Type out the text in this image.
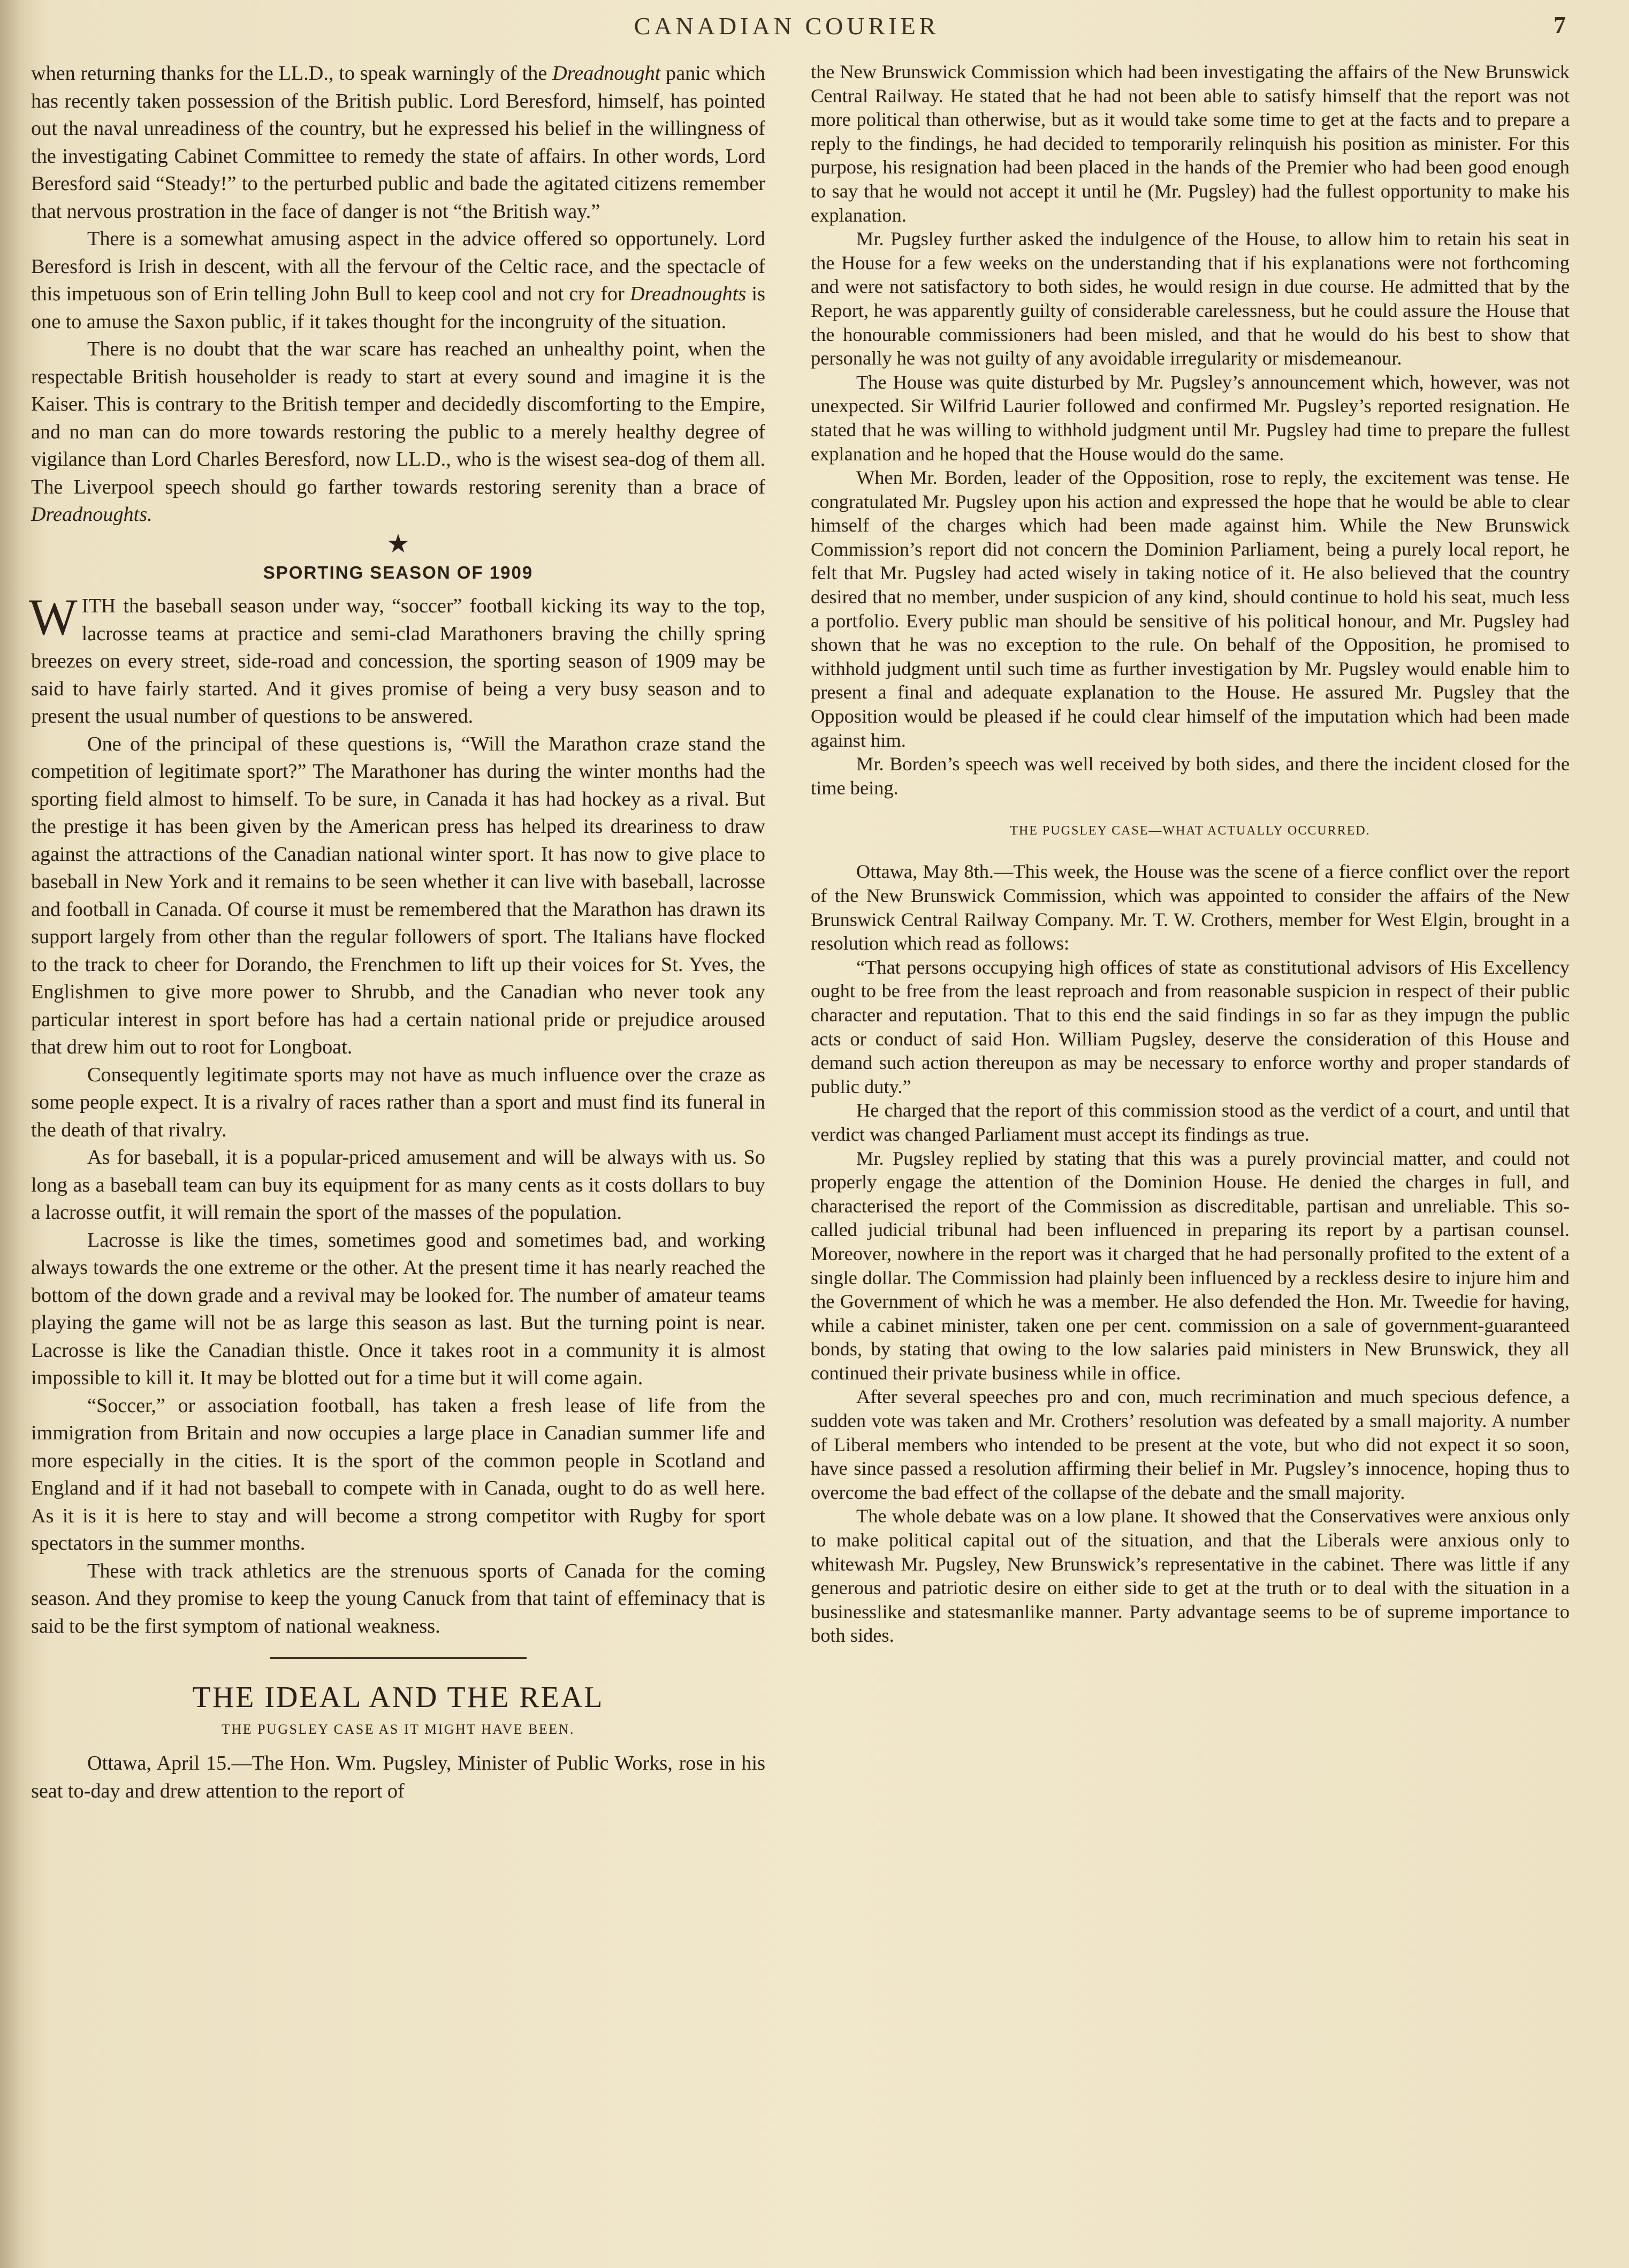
CANADIAN COURIER	7

when returning thanks for the LL.D., to speak warningly of the Dreadnought panic which has recently taken possession of the British public. Lord Beresford, himself, has pointed out the naval unreadiness of the country, but he expressed his belief in the willingness of the investigating Cabinet Committee to remedy the state of affairs. In other words, Lord Beresford said “Steady!” to the perturbed public and bade the agitated citizens remember that nervous prostration in the face of danger is not “the British way.”

There is a somewhat amusing aspect in the advice offered so opportunely. Lord Beresford is Irish in descent, with all the fervour of the Celtic race, and the spectacle of this impetuous son of Erin telling John Bull to keep cool and not cry for Dreadnoughts is one to amuse the Saxon public, if it takes thought for the incongruity of the situation.

There is no doubt that the war scare has reached an unhealthy point, when the respectable British householder is ready to start at every sound and imagine it is the Kaiser. This is contrary to the British temper and decidedly discomforting to the Empire, and no man can do more towards restoring the public to a merely healthy degree of vigilance than Lord Charles Beresford, now LL.D., who is the wisest sea-dog of them all. The Liverpool speech should go farther towards restoring serenity than a brace of Dreadnoughts.

★
SPORTING SEASON OF 1909

WITH the baseball season under way, “soccer” football kicking its way to the top, lacrosse teams at practice and semi-clad Marathoners braving the chilly spring breezes on every street, side-road and concession, the sporting season of 1909 may be said to have fairly started. And it gives promise of being a very busy season and to present the usual number of questions to be answered.

One of the principal of these questions is, “Will the Marathon craze stand the competition of legitimate sport?” The Marathoner has during the winter months had the sporting field almost to himself. To be sure, in Canada it has had hockey as a rival. But the prestige it has been given by the American press has helped its dreariness to draw against the attractions of the Canadian national winter sport. It has now to give place to baseball in New York and it remains to be seen whether it can live with baseball, lacrosse and football in Canada. Of course it must be remembered that the Marathon has drawn its support largely from other than the regular followers of sport. The Italians have flocked to the track to cheer for Dorando, the Frenchmen to lift up their voices for St. Yves, the Englishmen to give more power to Shrubb, and the Canadian who never took any particular interest in sport before has had a certain national pride or prejudice aroused that drew him out to root for Longboat.

Consequently legitimate sports may not have as much influence over the craze as some people expect. It is a rivalry of races rather than a sport and must find its funeral in the death of that rivalry.

As for baseball, it is a popular-priced amusement and will be always with us. So long as a baseball team can buy its equipment for as many cents as it costs dollars to buy a lacrosse outfit, it will remain the sport of the masses of the population.

Lacrosse is like the times, sometimes good and sometimes bad, and working always towards the one extreme or the other. At the present time it has nearly reached the bottom of the down grade and a revival may be looked for. The number of amateur teams playing the game will not be as large this season as last. But the turning point is near. Lacrosse is like the Canadian thistle. Once it takes root in a community it is almost impossible to kill it. It may be blotted out for a time but it will come again.

“Soccer,” or association football, has taken a fresh lease of life from the immigration from Britain and now occupies a large place in Canadian summer life and more especially in the cities. It is the sport of the common people in Scotland and England and if it had not baseball to compete with in Canada, ought to do as well here. As it is it is here to stay and will become a strong competitor with Rugby for sport spectators in the summer months.

These with track athletics are the strenuous sports of Canada for the coming season. And they promise to keep the young Canuck from that taint of effeminacy that is said to be the first symptom of national weakness.

THE IDEAL AND THE REAL
THE PUGSLEY CASE AS IT MIGHT HAVE BEEN.

Ottawa, April 15.—The Hon. Wm. Pugsley, Minister of Public Works, rose in his seat to-day and drew attention to the report of

the New Brunswick Commission which had been investigating the affairs of the New Brunswick Central Railway. He stated that he had not been able to satisfy himself that the report was not more political than otherwise, but as it would take some time to get at the facts and to prepare a reply to the findings, he had decided to temporarily relinquish his position as minister. For this purpose, his resignation had been placed in the hands of the Premier who had been good enough to say that he would not accept it until he (Mr. Pugsley) had the fullest opportunity to make his explanation.

Mr. Pugsley further asked the indulgence of the House, to allow him to retain his seat in the House for a few weeks on the understanding that if his explanations were not forthcoming and were not satisfactory to both sides, he would resign in due course. He admitted that by the Report, he was apparently guilty of considerable carelessness, but he could assure the House that the honourable commissioners had been misled, and that he would do his best to show that personally he was not guilty of any avoidable irregularity or misdemeanour.

The House was quite disturbed by Mr. Pugsley’s announcement which, however, was not unexpected. Sir Wilfrid Laurier followed and confirmed Mr. Pugsley’s reported resignation. He stated that he was willing to withhold judgment until Mr. Pugsley had time to prepare the fullest explanation and he hoped that the House would do the same.

When Mr. Borden, leader of the Opposition, rose to reply, the excitement was tense. He congratulated Mr. Pugsley upon his action and expressed the hope that he would be able to clear himself of the charges which had been made against him. While the New Brunswick Commission’s report did not concern the Dominion Parliament, being a purely local report, he felt that Mr. Pugsley had acted wisely in taking notice of it. He also believed that the country desired that no member, under suspicion of any kind, should continue to hold his seat, much less a portfolio. Every public man should be sensitive of his political honour, and Mr. Pugsley had shown that he was no exception to the rule. On behalf of the Opposition, he promised to withhold judgment until such time as further investigation by Mr. Pugsley would enable him to present a final and adequate explanation to the House. He assured Mr. Pugsley that the Opposition would be pleased if he could clear himself of the imputation which had been made against him.

Mr. Borden’s speech was well received by both sides, and there the incident closed for the time being.

THE PUGSLEY CASE—WHAT ACTUALLY OCCURRED.

Ottawa, May 8th.—This week, the House was the scene of a fierce conflict over the report of the New Brunswick Commission, which was appointed to consider the affairs of the New Brunswick Central Railway Company. Mr. T. W. Crothers, member for West Elgin, brought in a resolution which read as follows:

“That persons occupying high offices of state as constitutional advisors of His Excellency ought to be free from the least reproach and from reasonable suspicion in respect of their public character and reputation. That to this end the said findings in so far as they impugn the public acts or conduct of said Hon. William Pugsley, deserve the consideration of this House and demand such action thereupon as may be necessary to enforce worthy and proper standards of public duty.”

He charged that the report of this commission stood as the verdict of a court, and until that verdict was changed Parliament must accept its findings as true.

Mr. Pugsley replied by stating that this was a purely provincial matter, and could not properly engage the attention of the Dominion House. He denied the charges in full, and characterised the report of the Commission as discreditable, partisan and unreliable. This so-called judicial tribunal had been influenced in preparing its report by a partisan counsel. Moreover, nowhere in the report was it charged that he had personally profited to the extent of a single dollar. The Commission had plainly been influenced by a reckless desire to injure him and the Government of which he was a member. He also defended the Hon. Mr. Tweedie for having, while a cabinet minister, taken one per cent. commission on a sale of government-guaranteed bonds, by stating that owing to the low salaries paid ministers in New Brunswick, they all continued their private business while in office.

After several speeches pro and con, much recrimination and much specious defence, a sudden vote was taken and Mr. Crothers’ resolution was defeated by a small majority. A number of Liberal members who intended to be present at the vote, but who did not expect it so soon, have since passed a resolution affirming their belief in Mr. Pugsley’s innocence, hoping thus to overcome the bad effect of the collapse of the debate and the small majority.

The whole debate was on a low plane. It showed that the Conservatives were anxious only to make political capital out of the situation, and that the Liberals were anxious only to whitewash Mr. Pugsley, New Brunswick’s representative in the cabinet. There was little if any generous and patriotic desire on either side to get at the truth or to deal with the situation in a businesslike and statesmanlike manner. Party advantage seems to be of supreme importance to both sides.
